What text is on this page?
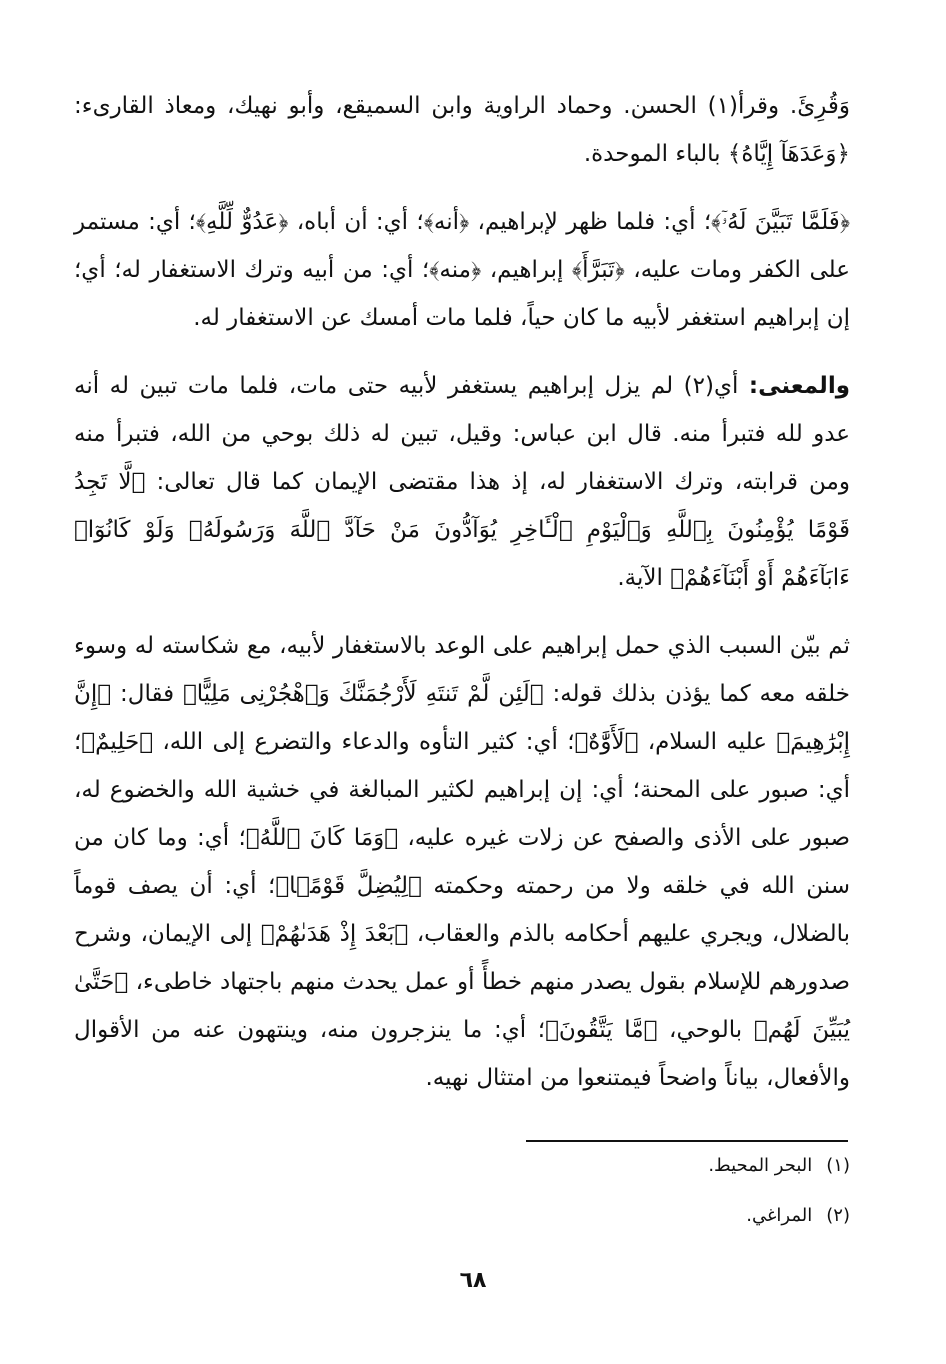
وَقُرِئَ. وقرأ(١) الحسن. وحماد الراوية وابن السميقع، وأبو نهيك، ومعاذ القارىء: ﴿وَعَدَهَآ إِيَّاهُ﴾ بالباء الموحدة.

﴿فَلَمَّا تَبَيَّنَ لَهُۥٓ﴾؛ أي: فلما ظهر لإبراهيم، ﴿أنه﴾؛ أي: أن أباه، ﴿عَدُوٌّ لِّلَّهِ﴾؛ أي: مستمر على الكفر ومات عليه، ﴿تَبَرَّأَ﴾ إبراهيم، ﴿منه﴾؛ أي: من أبيه وترك الاستغفار له؛ أي؛ إن إبراهيم استغفر لأبيه ما كان حياً، فلما مات أمسك عن الاستغفار له.

والمعنى: أي(٢) لم يزل إبراهيم يستغفر لأبيه حتى مات، فلما مات تبين له أنه عدو لله فتبرأ منه. قال ابن عباس: وقيل، تبين له ذلك بوحي من الله، فتبرأ منه ومن قرابته، وترك الاستغفار له، إذ هذا مقتضى الإيمان كما قال تعالى: ﴿لَّا تَجِدُ قَوْمًا يُؤْمِنُونَ بِٱللَّهِ وَٱلْيَوْمِ ٱلْـَٔاخِرِ يُوَآدُّونَ مَنْ حَآدَّ ٱللَّهَ وَرَسُولَهُۥ وَلَوْ كَانُوٓا۟ ءَابَآءَهُمْ أَوْ أَبْنَآءَهُمْ﴾ الآية.

ثم بيّن السبب الذي حمل إبراهيم على الوعد بالاستغفار لأبيه، مع شكاسته له وسوء خلقه معه كما يؤذن بذلك قوله: ﴿لَئِن لَّمْ تَنتَهِ لَأَرْجُمَنَّكَ وَٱهْجُرْنِى مَلِيًّا﴾ فقال: ﴿إِنَّ إِبْرَٰهِيمَ﴾ عليه السلام، ﴿لَأَوَّٰهٌ﴾؛ أي: كثير التأوه والدعاء والتضرع إلى الله، ﴿حَلِيمٌ﴾؛ أي: صبور على المحنة؛ أي: إن إبراهيم لكثير المبالغة في خشية الله والخضوع له، صبور على الأذى والصفح عن زلات غيره عليه، ﴿وَمَا كَانَ ٱللَّهُ﴾؛ أي: وما كان من سنن الله في خلقه ولا من رحمته وحكمته ﴿لِيُضِلَّ قَوْمًۢا﴾؛ أي: أن يصف قوماً بالضلال، ويجري عليهم أحكامه بالذم والعقاب، ﴿بَعْدَ إِذْ هَدَىٰهُمْ﴾ إلى الإيمان، وشرح صدورهم للإسلام بقول يصدر منهم خطأً أو عمل يحدث منهم باجتهاد خاطىء، ﴿حَتَّىٰ يُبَيِّنَ لَهُم﴾ بالوحي، ﴿مَّا يَتَّقُونَ﴾؛ أي: ما ينزجرون منه، وينتهون عنه من الأقوال والأفعال، بياناً واضحاً فيمتنعوا من امتثال نهيه.

(١)البحر المحيط.
(٢)المراغي.
٦٨
